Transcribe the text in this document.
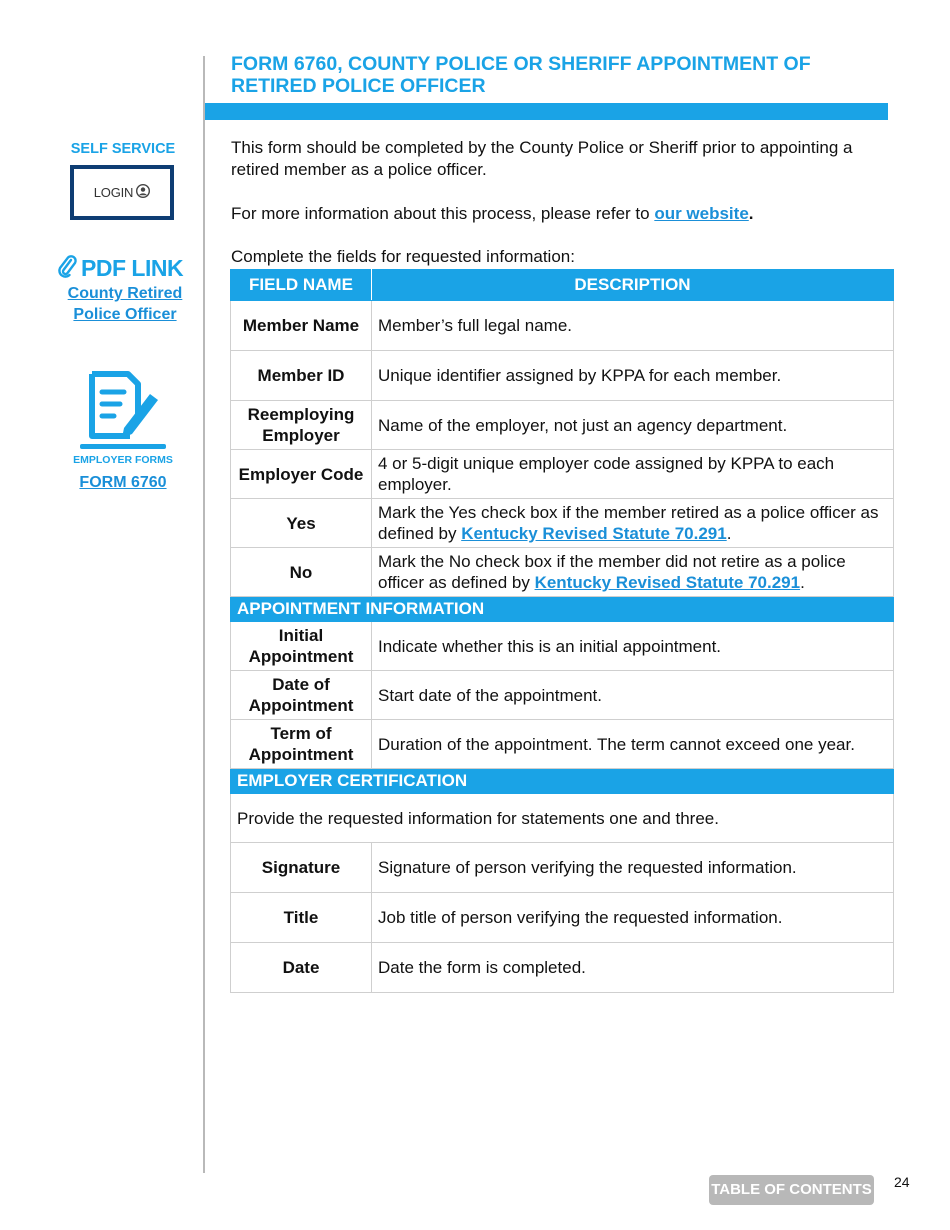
FORM 6760, COUNTY POLICE OR SHERIFF APPOINTMENT OF
RETIRED POLICE OFFICER
This form should be completed by the County Police or Sheriff prior to appointing a retired member as a police officer.
For more information about this process, please refer to our website.
Complete the fields for requested information:
SELF SERVICE
LOGIN
PDF LINK
County Retired
Police Officer
EMPLOYER FORMS
FORM 6760
FIELD NAME	DESCRIPTION
Member Name	Member’s full legal name.
Member ID	Unique identifier assigned by KPPA for each member.

Reemploying
Employer	Name of the employer, not just an agency department.
Employer Code	4 or 5-digit unique employer code assigned by KPPA to each employer.
Yes	Mark the Yes check box if the member retired as a police officer as defined by Kentucky Revised Statute 70.291.
No	Mark the No check box if the member did not retire as a police officer as defined by Kentucky Revised Statute 70.291.
APPOINTMENT INFORMATION	

Initial
Appointment	Indicate whether this is an initial appointment.

Date of
Appointment	Start date of the appointment.

Term of
Appointment	Duration of the appointment. The term cannot exceed one year.
EMPLOYER CERTIFICATION	
Provide the requested information for statements one and three.	
Signature	Signature of person verifying the requested information.
Title	Job title of person verifying the requested information.
Date	Date the form is completed.
TABLE OF CONTENTS 24
